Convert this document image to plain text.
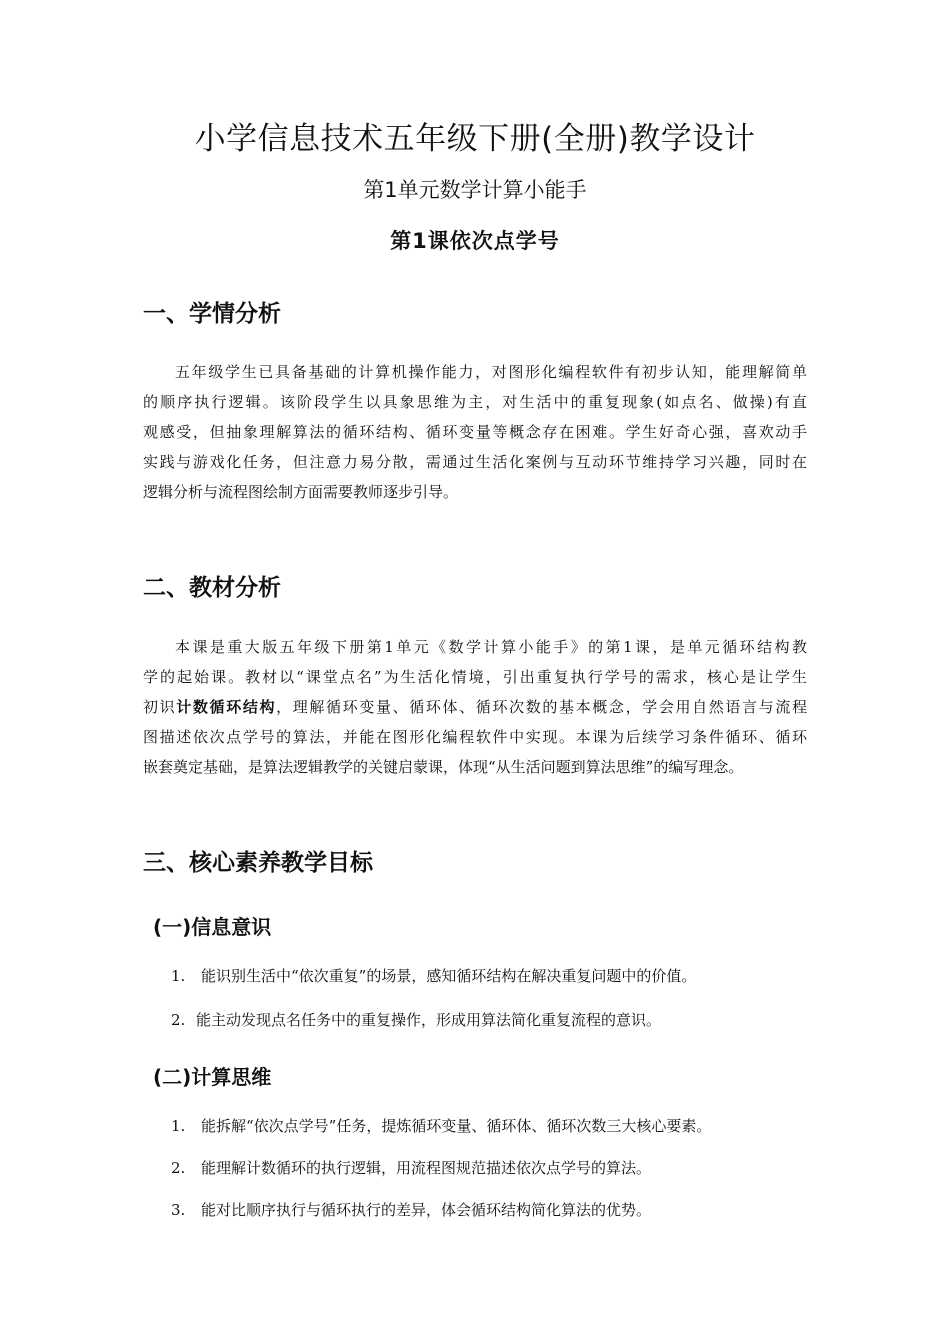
小学信息技术五年级下册(全册)教学设计
第1单元数学计算小能手
第1课依次点学号
一、学情分析
五年级学生已具备基础的计算机操作能力，对图形化编程软件有初步认知，能理解简单
的顺序执行逻辑。该阶段学生以具象思维为主，对生活中的重复现象(如点名、做操)有直
观感受，但抽象理解算法的循环结构、循环变量等概念存在困难。学生好奇心强，喜欢动手
实践与游戏化任务，但注意力易分散，需通过生活化案例与互动环节维持学习兴趣，同时在
逻辑分析与流程图绘制方面需要教师逐步引导。
二、教材分析
本课是重大版五年级下册第1单元《数学计算小能手》的第1课，是单元循环结构教
学的起始课。教材以“课堂点名”为生活化情境，引出重复执行学号的需求，核心是让学生
初识计数循环结构，理解循环变量、循环体、循环次数的基本概念，学会用自然语言与流程
图描述依次点学号的算法，并能在图形化编程软件中实现。本课为后续学习条件循环、循环
嵌套奠定基础，是算法逻辑教学的关键启蒙课，体现“从生活问题到算法思维”的编写理念。
三、核心素养教学目标
(一)信息意识
1. 能识别生活中“依次重复”的场景，感知循环结构在解决重复问题中的价值。
2. 能主动发现点名任务中的重复操作，形成用算法简化重复流程的意识。
(二)计算思维
1. 能拆解“依次点学号”任务，提炼循环变量、循环体、循环次数三大核心要素。
2. 能理解计数循环的执行逻辑，用流程图规范描述依次点学号的算法。
3. 能对比顺序执行与循环执行的差异，体会循环结构简化算法的优势。
